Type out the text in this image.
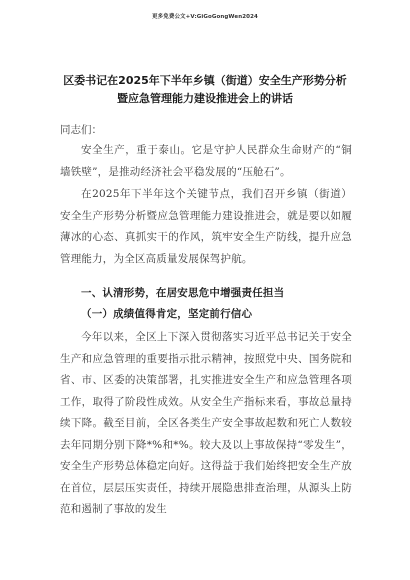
更多免费公文+V:GiGoGongWen2024
区委书记在2025年下半年乡镇（街道）安全生产形势分析
暨应急管理能力建设推进会上的讲话
同志们：
安全生产，重于泰山。它是守护人民群众生命财产的“铜墙铁壁”，是推动经济社会平稳发展的“压舱石”。
在2025年下半年这个关键节点，我们召开乡镇（街道）安全生产形势分析暨应急管理能力建设推进会，就是要以如履薄冰的心态、真抓实干的作风，筑牢安全生产防线，提升应急管理能力，为全区高质量发展保驾护航。
一、认清形势，在居安思危中增强责任担当
（一）成绩值得肯定，坚定前行信心
今年以来，全区上下深入贯彻落实习近平总书记关于安全生产和应急管理的重要指示批示精神，按照党中央、国务院和省、市、区委的决策部署，扎实推进安全生产和应急管理各项工作，取得了阶段性成效。从安全生产指标来看，事故总量持续下降。截至目前，全区各类生产安全事故起数和死亡人数较去年同期分别下降*%和*%。较大及以上事故保持“零发生”，安全生产形势总体稳定向好。这得益于我们始终把安全生产放在首位，层层压实责任，持续开展隐患排查治理，从源头上防范和遏制了事故的发生
